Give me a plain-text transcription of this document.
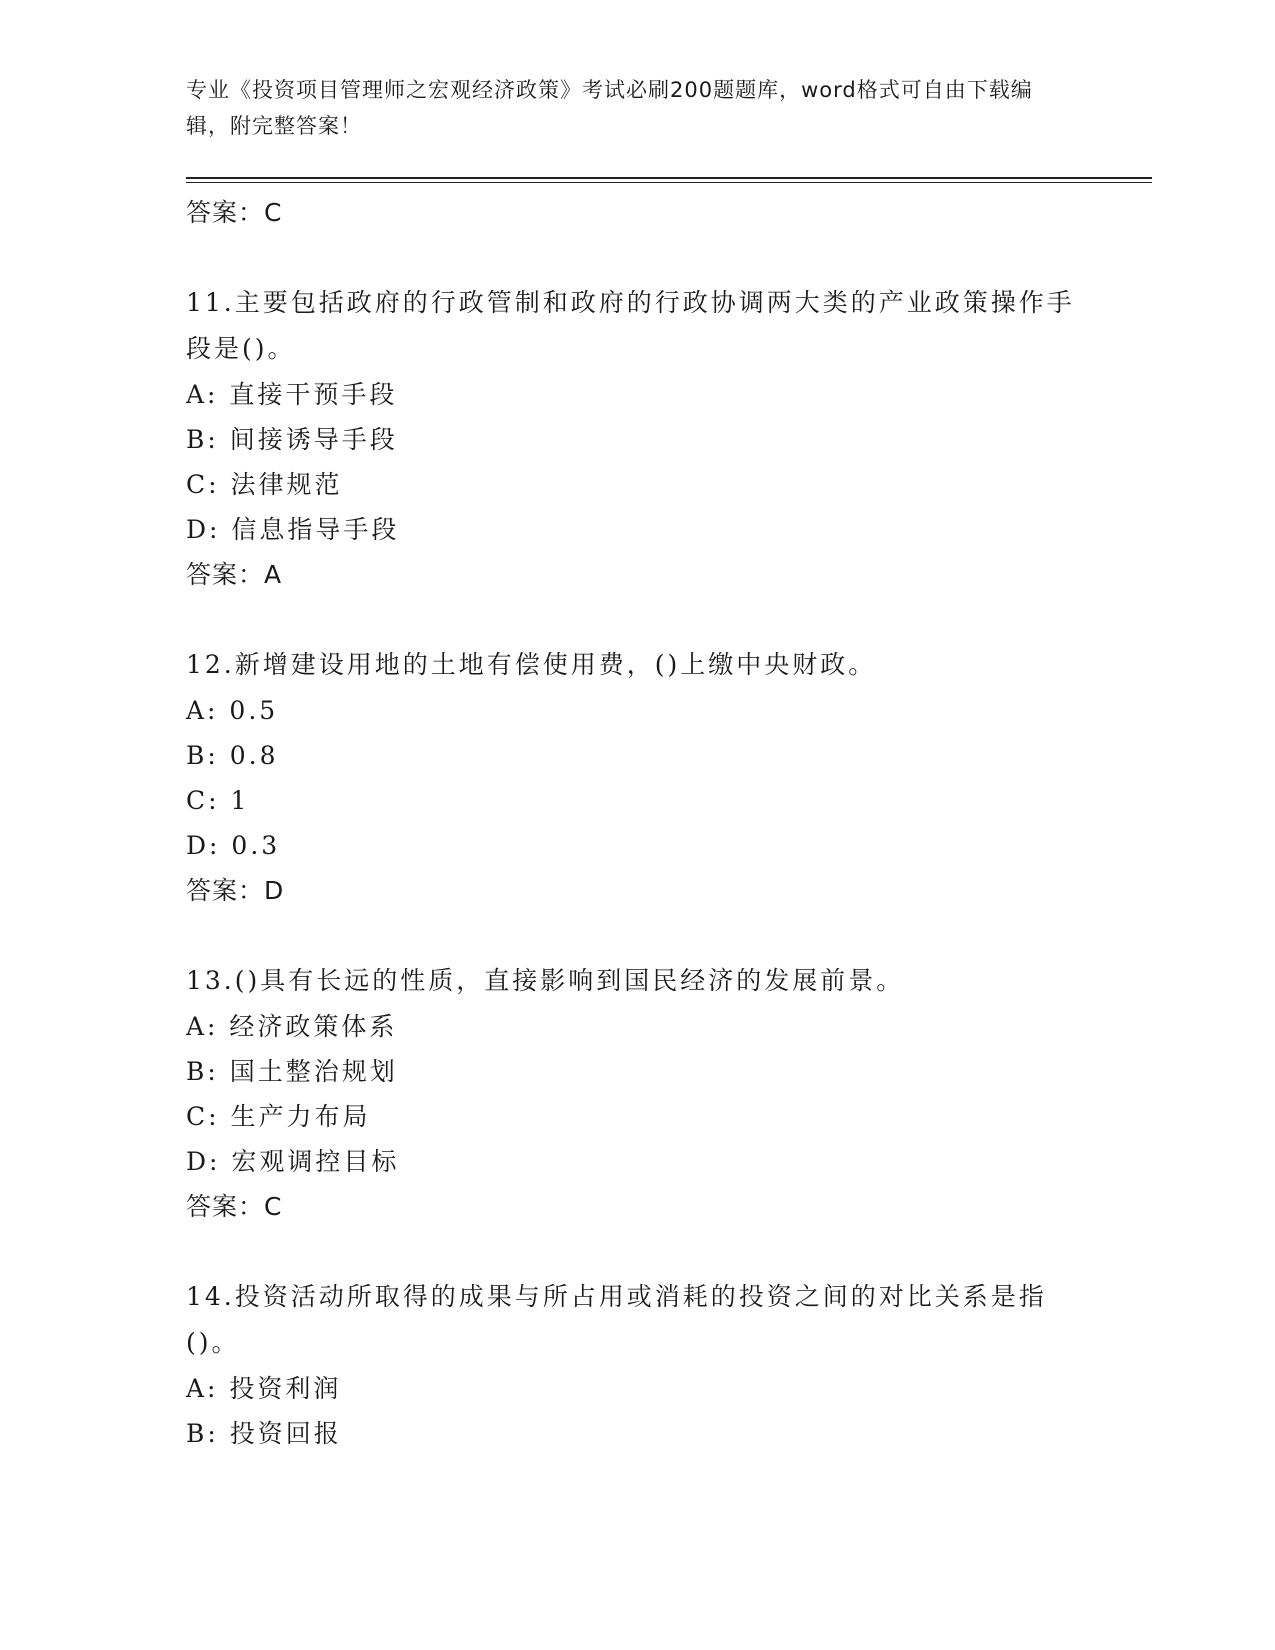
专业《投资项目管理师之宏观经济政策》考试必刷200题题库，word格式可自由下载编辑，附完整答案！
答案：C
11.主要包括政府的行政管制和政府的行政协调两大类的产业政策操作手段是()。
A: 直接干预手段
B: 间接诱导手段
C: 法律规范
D: 信息指导手段
答案：A
12.新增建设用地的土地有偿使用费，()上缴中央财政。
A: 0.5
B: 0.8
C: 1
D: 0.3
答案：D
13.()具有长远的性质，直接影响到国民经济的发展前景。
A: 经济政策体系
B: 国土整治规划
C: 生产力布局
D: 宏观调控目标
答案：C
14.投资活动所取得的成果与所占用或消耗的投资之间的对比关系是指()。
A: 投资利润
B: 投资回报
